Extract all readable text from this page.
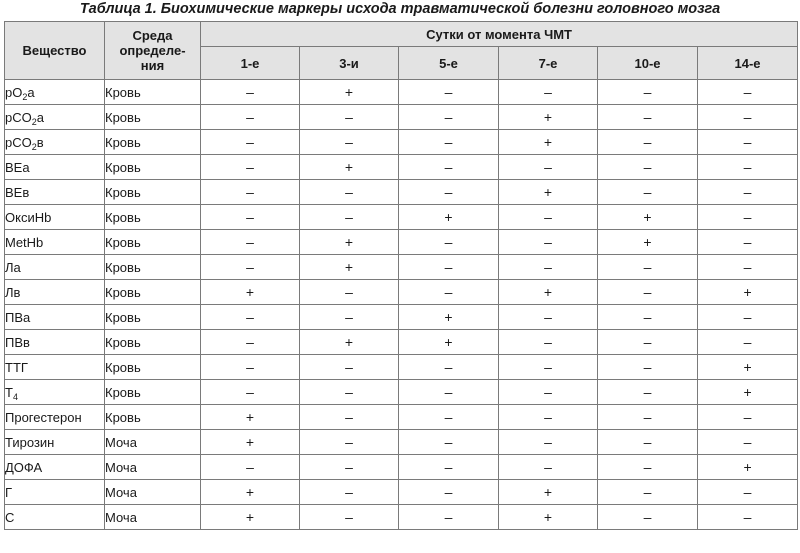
Таблица 1. Биохимические маркеры исхода травматической болезни головного мозга
Вещество	Среда
определе-
ния	Сутки от момента ЧМТ					
		1-е	3-и	5-е	7-е	10-е	14-е
$pO_2а$	Кровь	–	+	–	–	–	–
pCO$_2$а	Кровь	–	–	–	+	–	–
pCO$_2$в	Кровь	–	–	–	+	–	–
BEа	Кровь	–	+	–	–	–	–
BEв	Кровь	–	–	–	+	–	–
ОксиHb	Кровь	–	–	+	–	+	–
MetHb	Кровь	–	+	–	–	+	–
Ла	Кровь	–	+	–	–	–	–
Лв	Кровь	+	–	–	+	–	+
ПВа	Кровь	–	–	+	–	–	–
ПВв	Кровь	–	+	+	–	–	–
ТТГ	Кровь	–	–	–	–	–	+
$T_4$	Кровь	–	–	–	–	–	+
Прогестерон	Кровь	+	–	–	–	–	–
Тирозин	Моча	+	–	–	–	–	–
ДОФА	Моча	–	–	–	–	–	+
Г	Моча	+	–	–	+	–	–
С	Моча	+	–	–	+	–	–
